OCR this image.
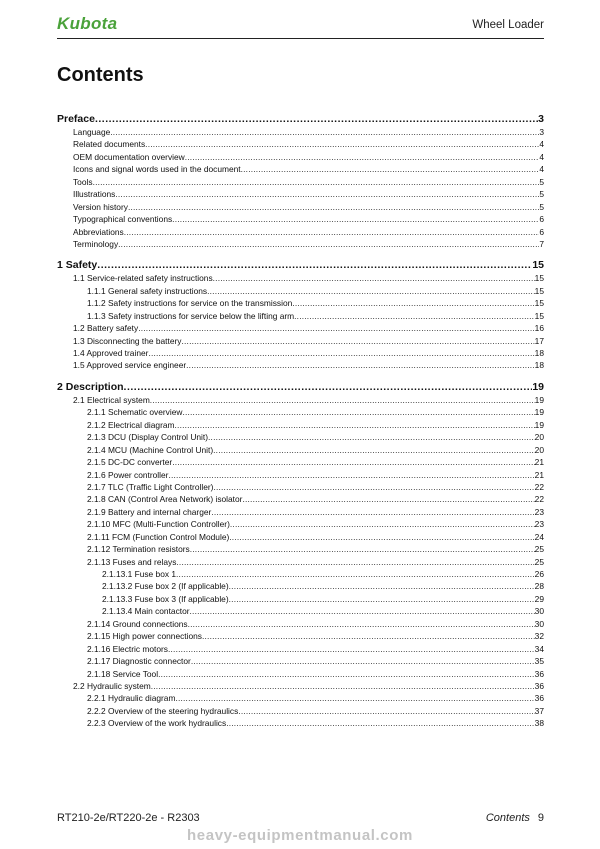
Kubota	Wheel Loader
Contents
Preface .....	3
Language .....	3
Related documents .....	4
OEM documentation overview .....	4
Icons and signal words used in the document .....	4
Tools .....	5
Illustrations .....	5
Version history .....	5
Typographical conventions .....	6
Abbreviations .....	6
Terminology .....	7
1 Safety .....	15
1.1 Service-related safety instructions .....	15
1.1.1 General safety instructions .....	15
1.1.2 Safety instructions for service on the transmission .....	15
1.1.3 Safety instructions for service below the lifting arm .....	15
1.2 Battery safety .....	16
1.3 Disconnecting the battery .....	17
1.4 Approved trainer .....	18
1.5 Approved service engineer .....	18
2 Description .....	19
2.1 Electrical system .....	19
2.1.1 Schematic overview .....	19
2.1.2 Electrical diagram .....	19
2.1.3 DCU (Display Control Unit) .....	20
2.1.4 MCU (Machine Control Unit) .....	20
2.1.5 DC-DC converter .....	21
2.1.6 Power controller .....	21
2.1.7 TLC (Traffic Light Controller) .....	22
2.1.8 CAN (Control Area Network) isolator .....	22
2.1.9 Battery and internal charger .....	23
2.1.10 MFC (Multi-Function Controller) .....	23
2.1.11 FCM (Function Control Module) .....	24
2.1.12 Termination resistors .....	25
2.1.13 Fuses and relays .....	25
2.1.13.1 Fuse box 1 .....	26
2.1.13.2 Fuse box 2 (If applicable) .....	28
2.1.13.3 Fuse box 3 (If applicable) .....	29
2.1.13.4 Main contactor .....	30
2.1.14 Ground connections .....	30
2.1.15 High power connections .....	32
2.1.16 Electric motors .....	34
2.1.17 Diagnostic connector .....	35
2.1.18 Service Tool .....	36
2.2 Hydraulic system .....	36
2.2.1 Hydraulic diagram .....	36
2.2.2 Overview of the steering hydraulics .....	37
2.2.3 Overview of the work hydraulics .....	38
RT210-2e/RT220-2e - R2303	Contents 9
heavy-equipmentmanual.com
